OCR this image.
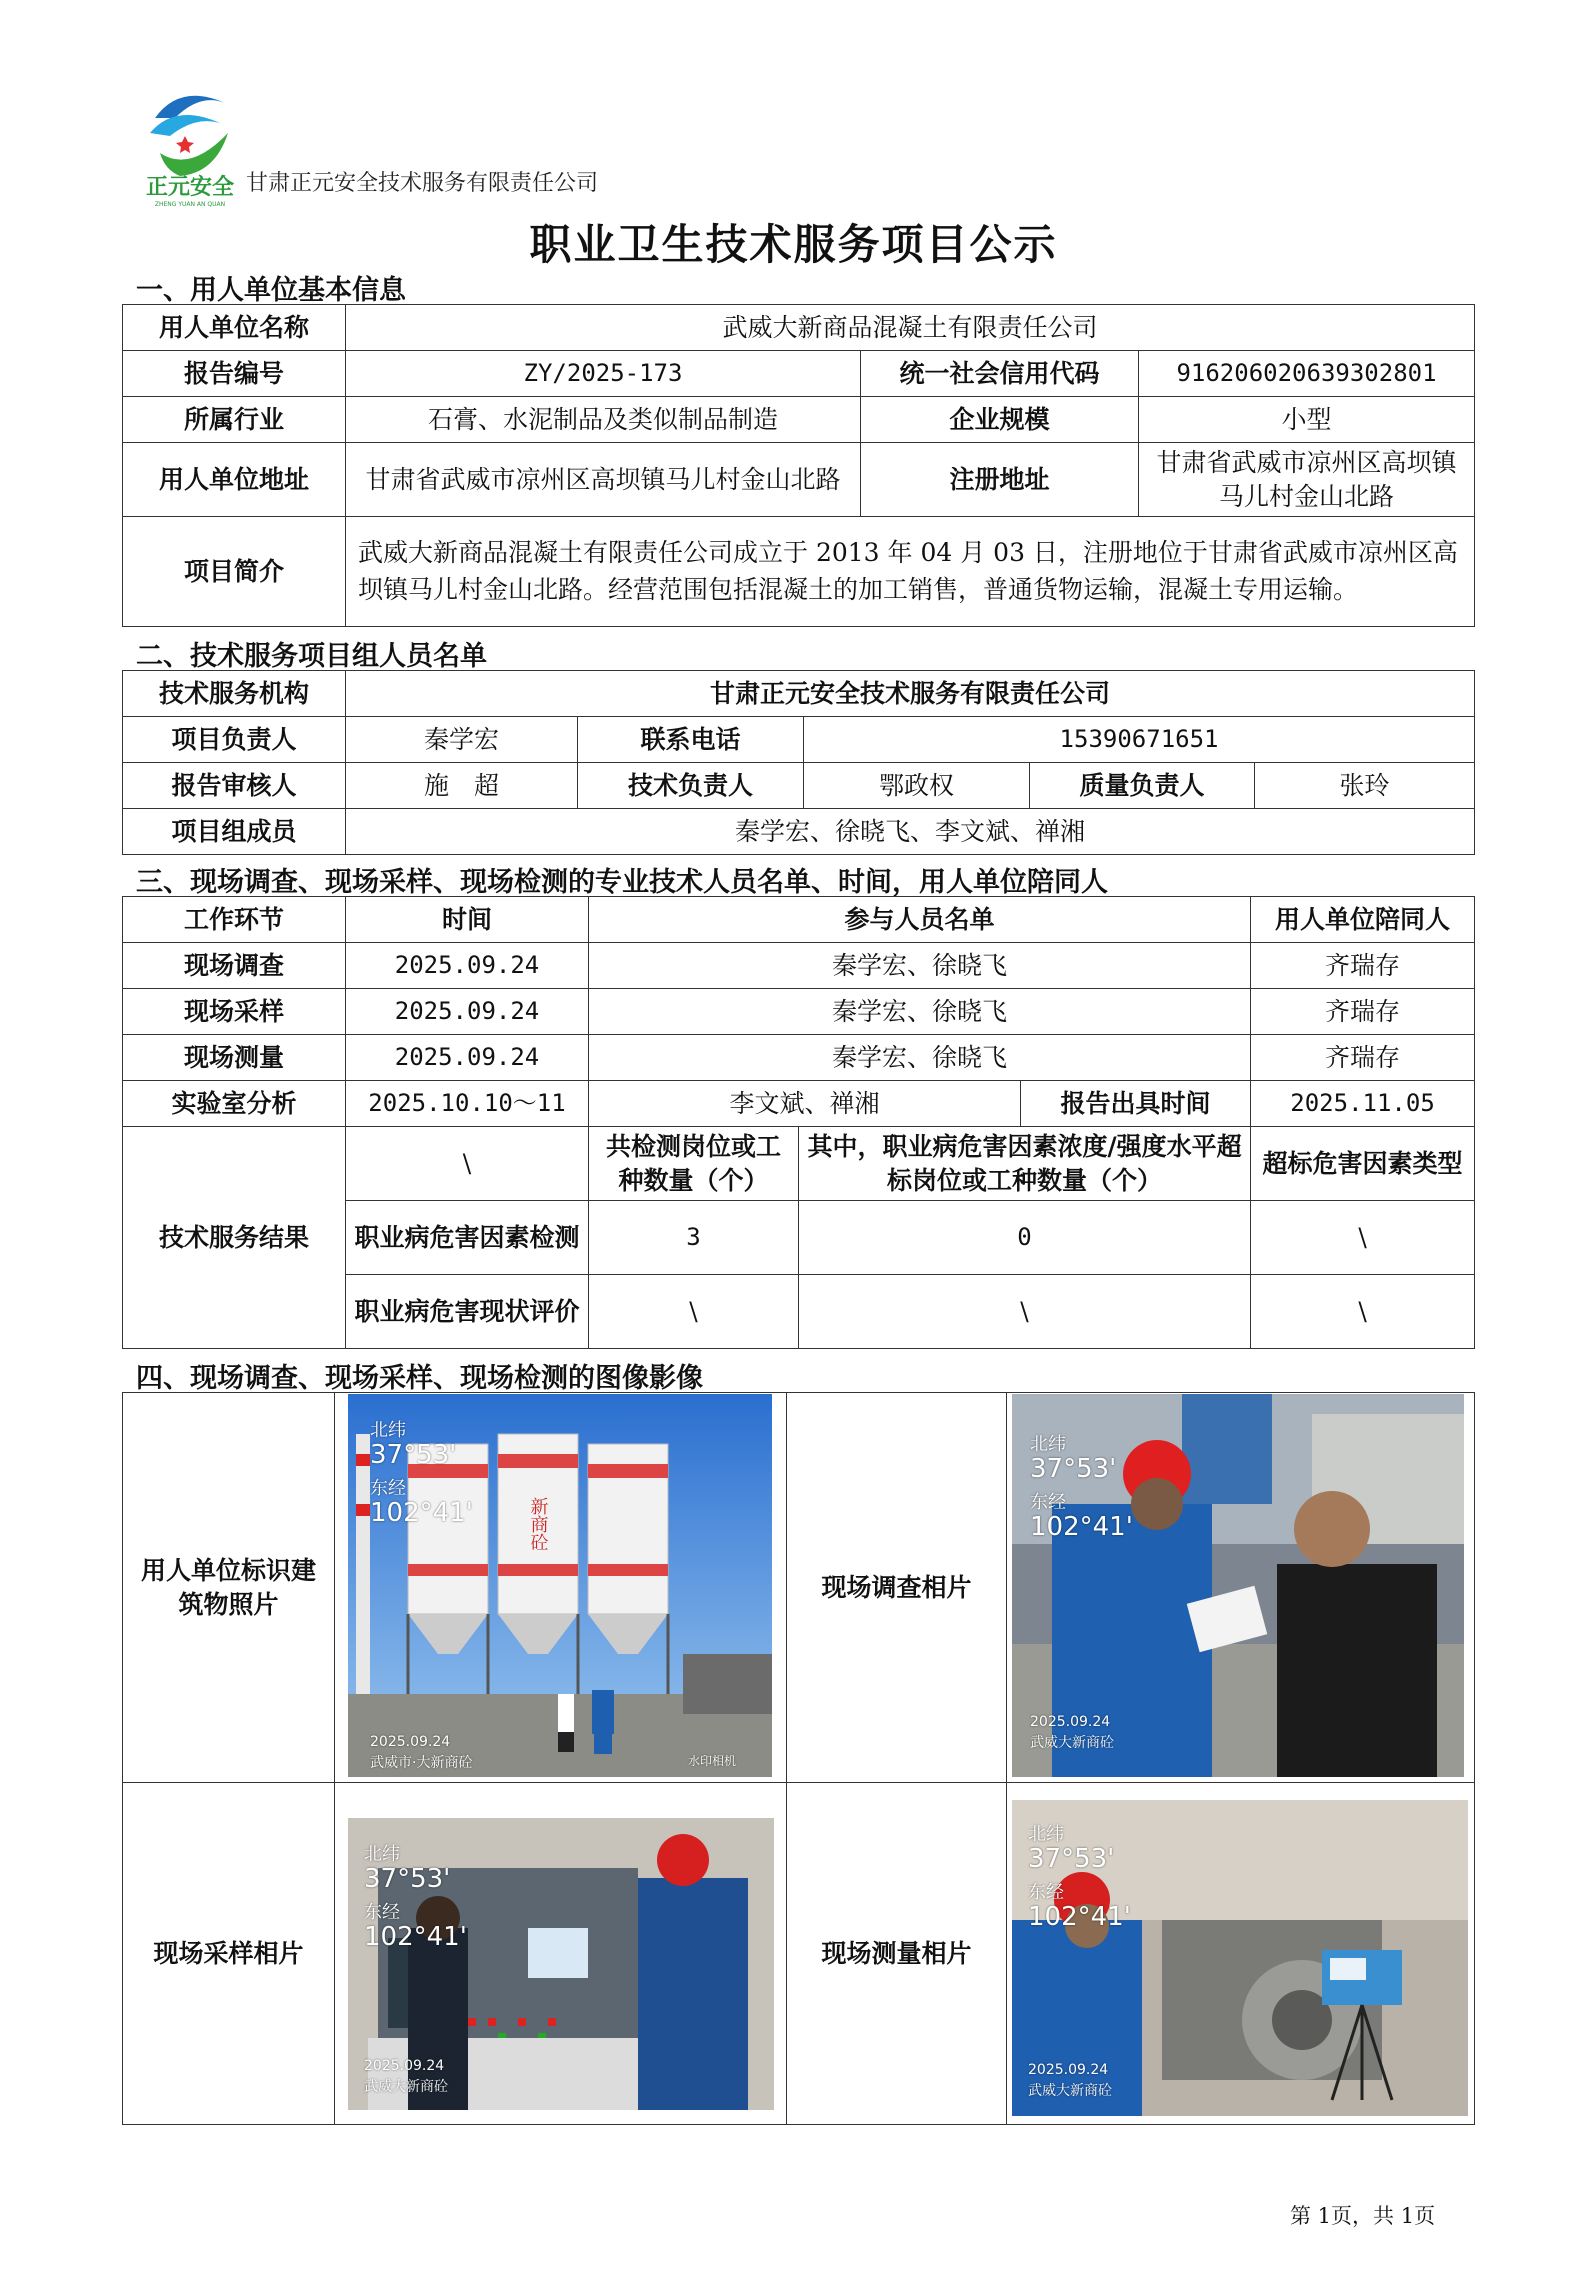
正元安全
ZHENG YUAN AN QUAN
甘肃正元安全技术服务有限责任公司
职业卫生技术服务项目公示
一、用人单位基本信息
用人单位名称	武威大新商品混凝土有限责任公司		
报告编号	ZY/2025-173	统一社会信用代码	916206020639302801
所属行业	石膏、水泥制品及类似制品制造	企业规模	小型
用人单位地址	甘肃省武威市凉州区高坝镇马儿村金山北路	注册地址	甘肃省武威市凉州区高坝镇马儿村金山北路
项目简介	武威大新商品混凝土有限责任公司成立于 2013 年 04 月 03 日，注册地位于甘肃省武威市凉州区高坝镇马儿村金山北路。经营范围包括混凝土的加工销售，普通货物运输，混凝土专用运输。		
二、技术服务项目组人员名单
技术服务机构	甘肃正元安全技术服务有限责任公司				
项目负责人	秦学宏	联系电话	15390671651		
报告审核人	施　超	技术负责人	鄂政权	质量负责人	张玲
项目组成员	秦学宏、徐晓飞、李文斌、禅湘				
三、现场调查、现场采样、现场检测的专业技术人员名单、时间，用人单位陪同人
工作环节	时间	参与人员名单			用人单位陪同人
现场调查	2025.09.24	秦学宏、徐晓飞			齐瑞存
现场采样	2025.09.24	秦学宏、徐晓飞			齐瑞存
现场测量	2025.09.24	秦学宏、徐晓飞			齐瑞存
实验室分析	2025.10.10～11	李文斌、禅湘		报告出具时间	2025.11.05
技术服务结果	\	共检测岗位或工种数量（个）	其中，职业病危害因素浓度/强度水平超标岗位或工种数量（个）		超标危害因素类型
	职业病危害因素检测	3	0		\
	职业病危害现状评价	\	\		\
四、现场调查、现场采样、现场检测的图像影像
用人单位标识建筑物照片		现场调查相片	
现场采样相片		现场测量相片	
新商砼
北纬
37°53'
东经
102°41'
2025.09.24
武威市·大新商砼	水印相机
北纬
37°53'
东经
102°41'
2025.09.24
武威大新商砼
北纬
37°53'
东经
102°41'
2025.09.24
武威大新商砼
北纬
37°53'
东经
102°41'
2025.09.24
武威大新商砼
第 1页，共 1页
